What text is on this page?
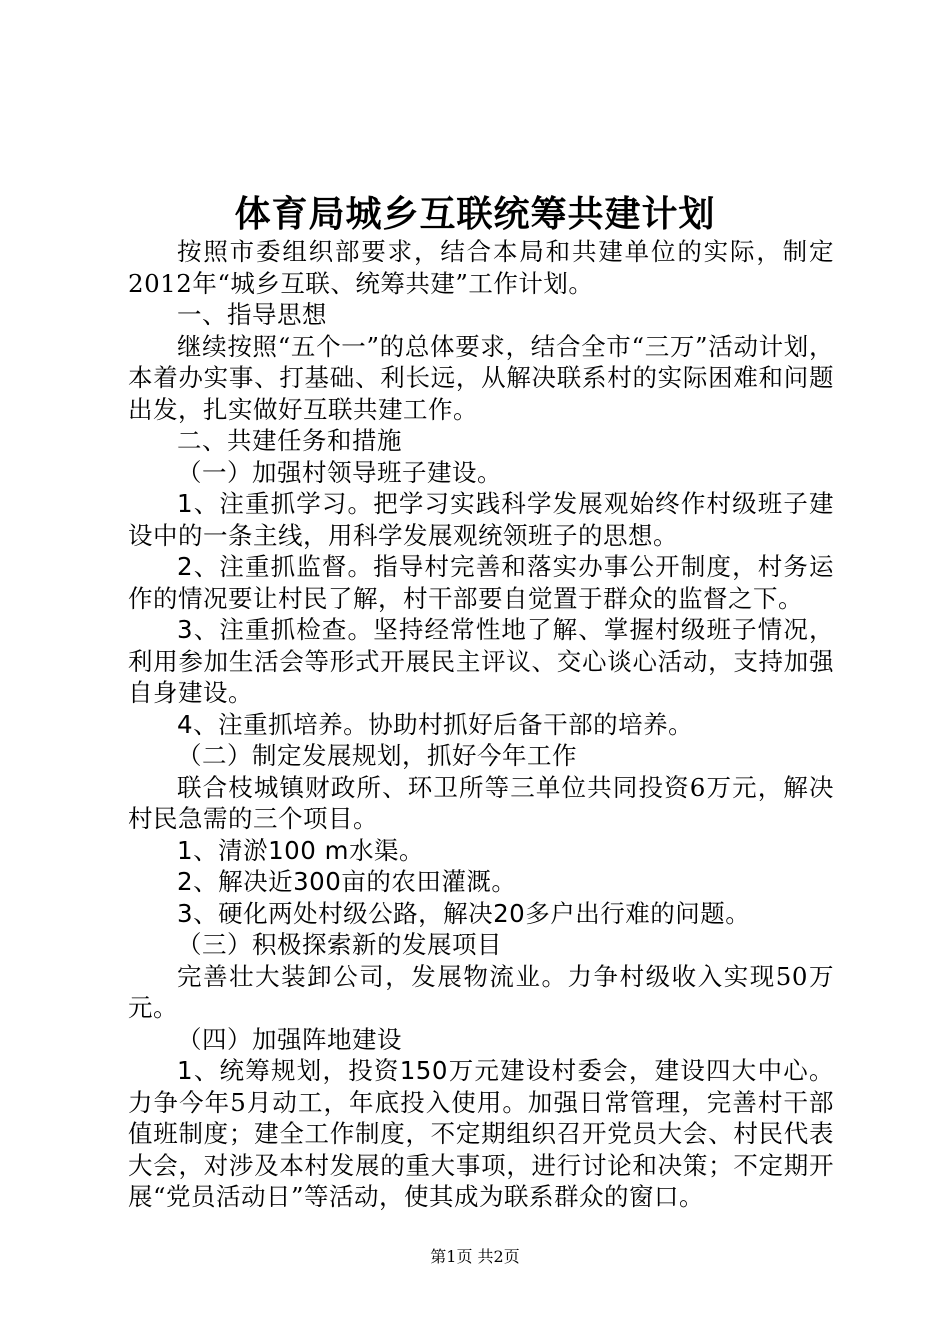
体育局城乡互联统筹共建计划

按照市委组织部要求，结合本局和共建单位的实际，制定2012年“城乡互联、统筹共建”工作计划。

一、指导思想

继续按照“五个一”的总体要求，结合全市“三万”活动计划，本着办实事、打基础、利长远，从解决联系村的实际困难和问题出发，扎实做好互联共建工作。

二、共建任务和措施

（一）加强村领导班子建设。

1、注重抓学习。把学习实践科学发展观始终作村级班子建设中的一条主线，用科学发展观统领班子的思想。

2、注重抓监督。指导村完善和落实办事公开制度，村务运作的情况要让村民了解，村干部要自觉置于群众的监督之下。

3、注重抓检查。坚持经常性地了解、掌握村级班子情况，利用参加生活会等形式开展民主评议、交心谈心活动，支持加强自身建设。

4、注重抓培养。协助村抓好后备干部的培养。

（二）制定发展规划，抓好今年工作

联合枝城镇财政所、环卫所等三单位共同投资6万元，解决村民急需的三个项目。

1、清淤100 m水渠。

2、解决近300亩的农田灌溉。

3、硬化两处村级公路，解决20多户出行难的问题。

（三）积极探索新的发展项目

完善壮大装卸公司，发展物流业。力争村级收入实现50万元。

（四）加强阵地建设

1、统筹规划，投资150万元建设村委会，建设四大中心。力争今年5月动工，年底投入使用。加强日常管理，完善村干部值班制度；建全工作制度，不定期组织召开党员大会、村民代表大会，对涉及本村发展的重大事项，进行讨论和决策；不定期开展“党员活动日”等活动，使其成为联系群众的窗口。

第1页 共2页
